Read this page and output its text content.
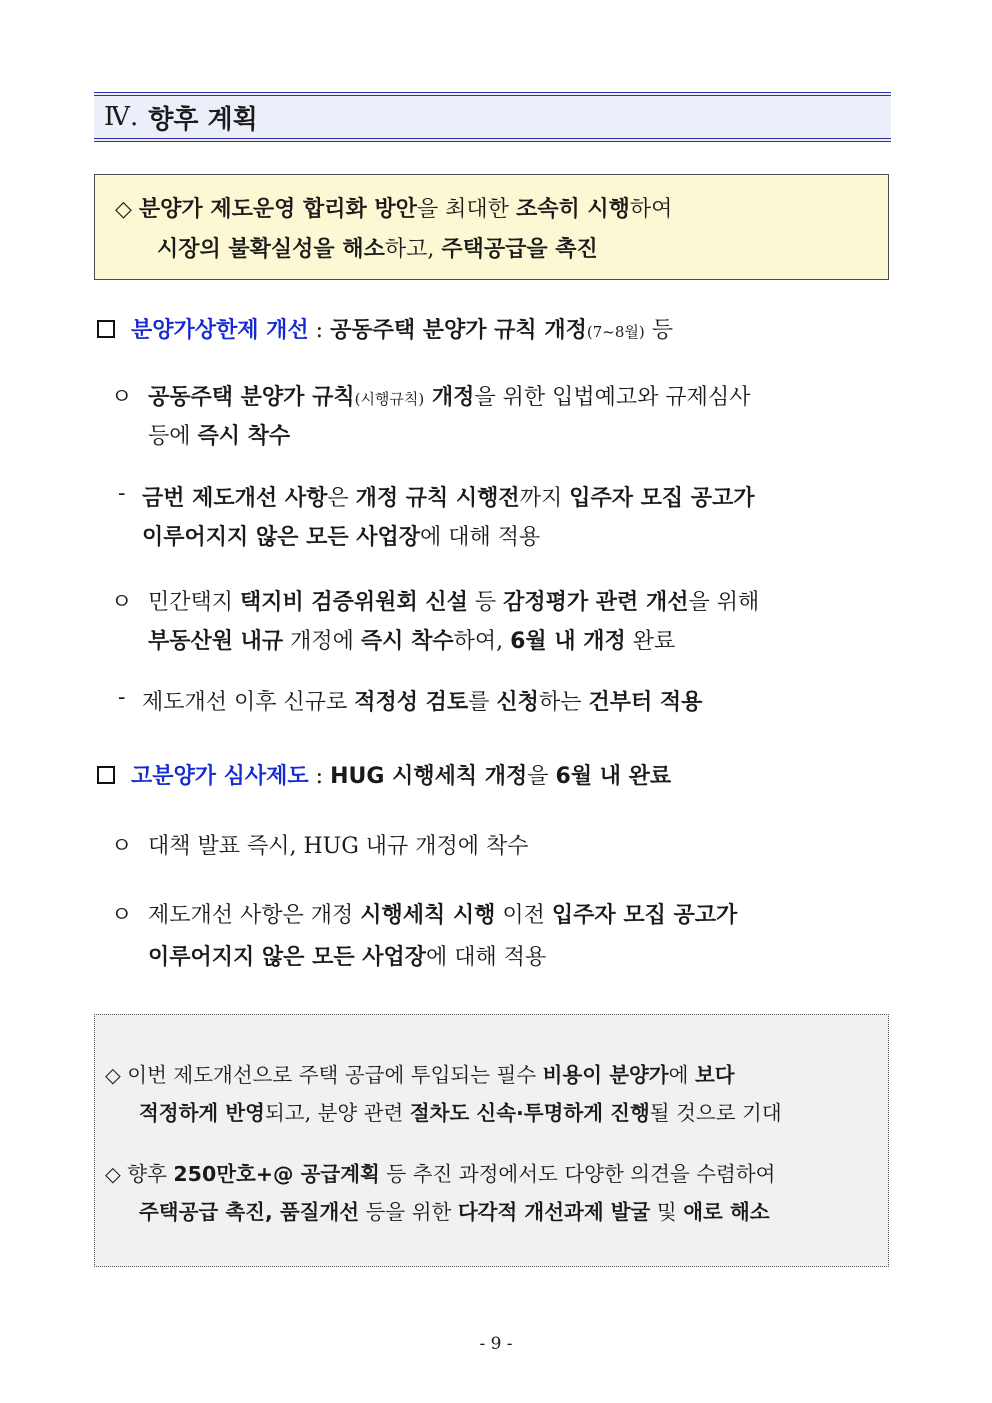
Ⅳ. 향후 계획
◇ 분양가 제도운영 합리화 방안을 최대한 조속히 시행하여
시장의 불확실성을 해소하고, 주택공급을 촉진
분양가상한제 개선 : 공동주택 분양가 규칙 개정(7~8월) 등
ㅇ 공동주택 분양가 규칙(시행규칙) 개정을 위한 입법예고와 규제심사
등에 즉시 착수
- 금번 제도개선 사항은 개정 규칙 시행전까지 입주자 모집 공고가
이루어지지 않은 모든 사업장에 대해 적용
ㅇ 민간택지 택지비 검증위원회 신설 등 감정평가 관련 개선을 위해
부동산원 내규 개정에 즉시 착수하여, 6월 내 개정 완료
- 제도개선 이후 신규로 적정성 검토를 신청하는 건부터 적용
고분양가 심사제도 : HUG 시행세칙 개정을 6월 내 완료
ㅇ 대책 발표 즉시, HUG 내규 개정에 착수
ㅇ 제도개선 사항은 개정 시행세칙 시행 이전 입주자 모집 공고가
이루어지지 않은 모든 사업장에 대해 적용
◇ 이번 제도개선으로 주택 공급에 투입되는 필수 비용이 분양가에 보다
적정하게 반영되고, 분양 관련 절차도 신속·투명하게 진행될 것으로 기대
◇ 향후 250만호+@ 공급계획 등 추진 과정에서도 다양한 의견을 수렴하여
주택공급 촉진, 품질개선 등을 위한 다각적 개선과제 발굴 및 애로 해소
- 9 -
